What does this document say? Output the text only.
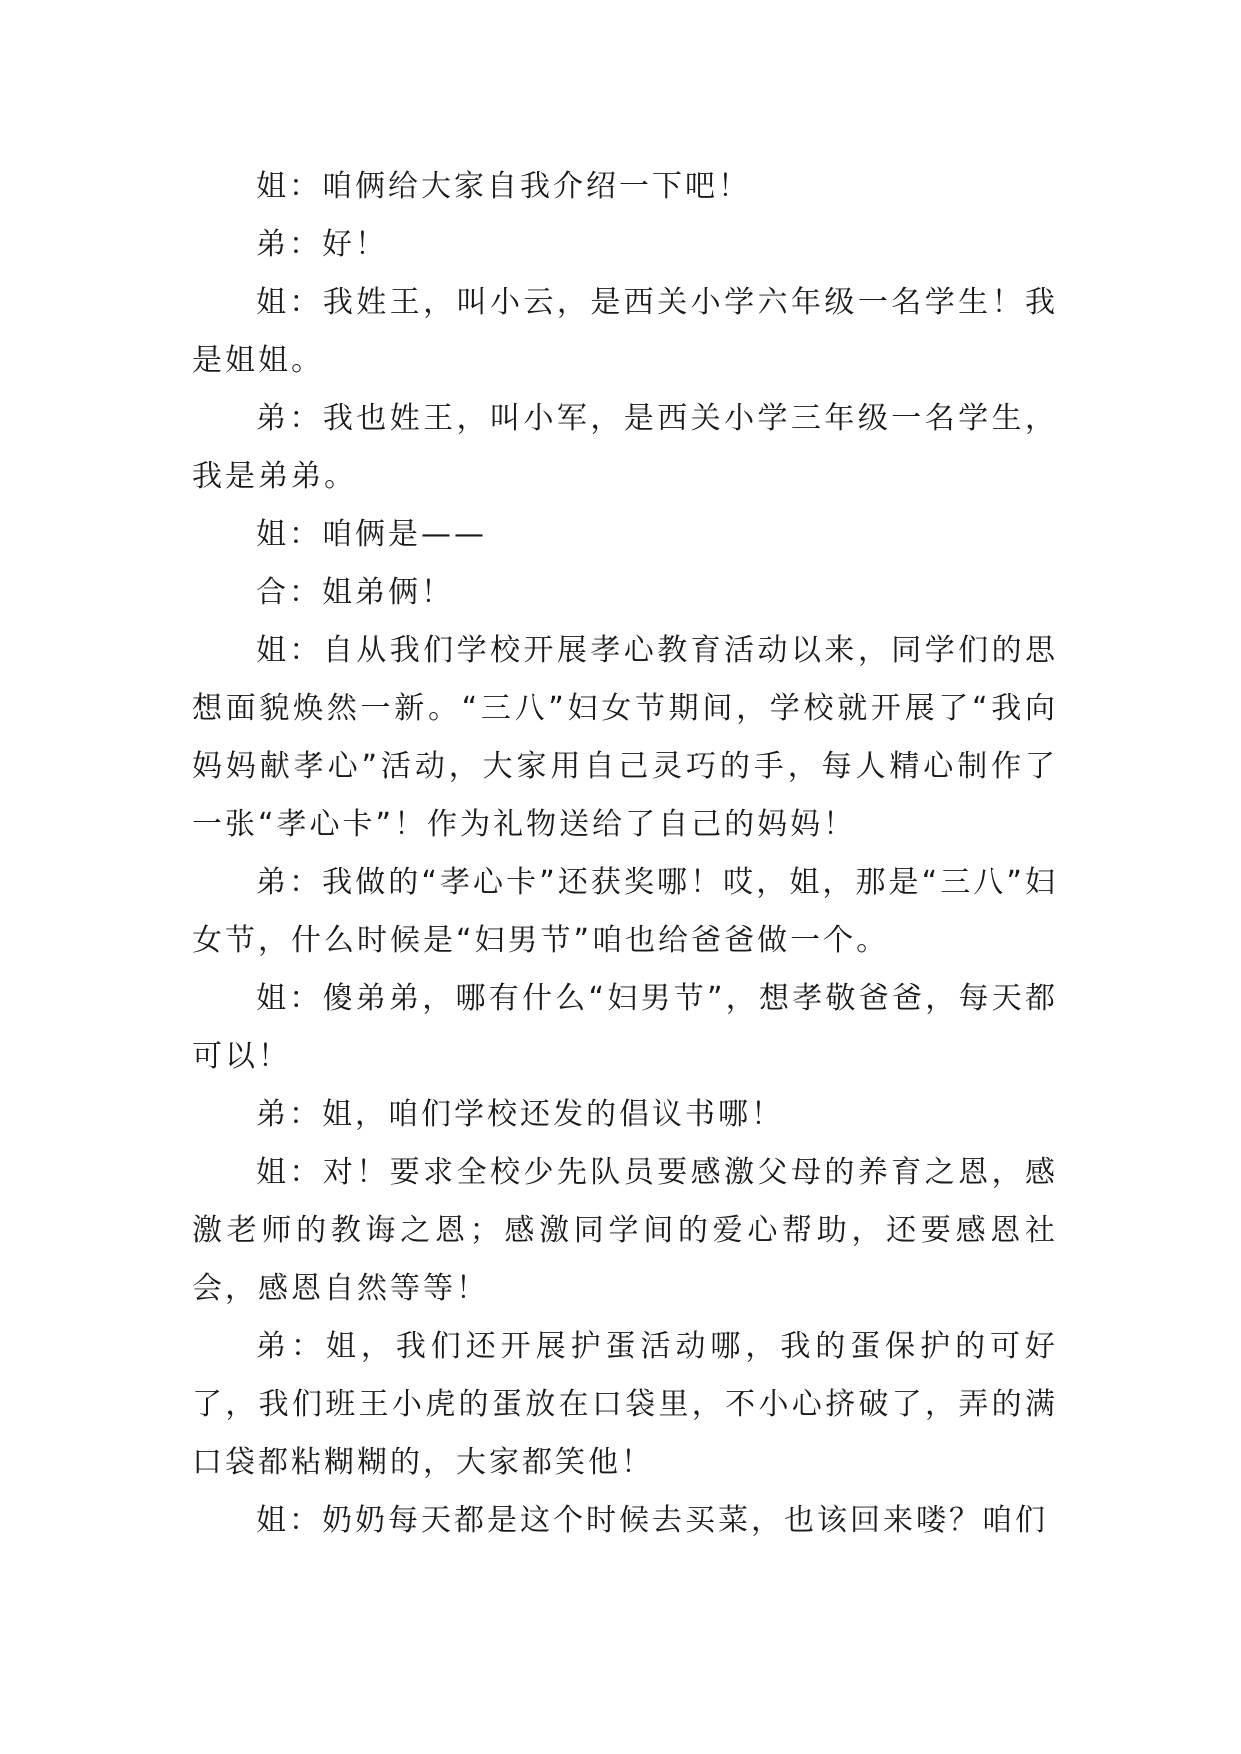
姐：咱俩给大家自我介绍一下吧！

弟：好！

姐：我姓王，叫小云，是西关小学六年级一名学生！我是姐姐。

弟：我也姓王，叫小军，是西关小学三年级一名学生，我是弟弟。

姐：咱俩是——

合：姐弟俩！

姐：自从我们学校开展孝心教育活动以来，同学们的思想面貌焕然一新。“三八”妇女节期间，学校就开展了“我向妈妈献孝心”活动，大家用自己灵巧的手，每人精心制作了一张“孝心卡”！作为礼物送给了自己的妈妈！

弟：我做的“孝心卡”还获奖哪！哎，姐，那是“三八”妇女节，什么时候是“妇男节”咱也给爸爸做一个。

姐：傻弟弟，哪有什么“妇男节”，想孝敬爸爸，每天都可以！

弟：姐，咱们学校还发的倡议书哪！

姐：对！要求全校少先队员要感激父母的养育之恩，感激老师的教诲之恩；感激同学间的爱心帮助，还要感恩社会，感恩自然等等！

弟：姐，我们还开展护蛋活动哪，我的蛋保护的可好了，我们班王小虎的蛋放在口袋里，不小心挤破了，弄的满口袋都粘糊糊的，大家都笑他！

姐：奶奶每天都是这个时候去买菜，也该回来喽？咱们
